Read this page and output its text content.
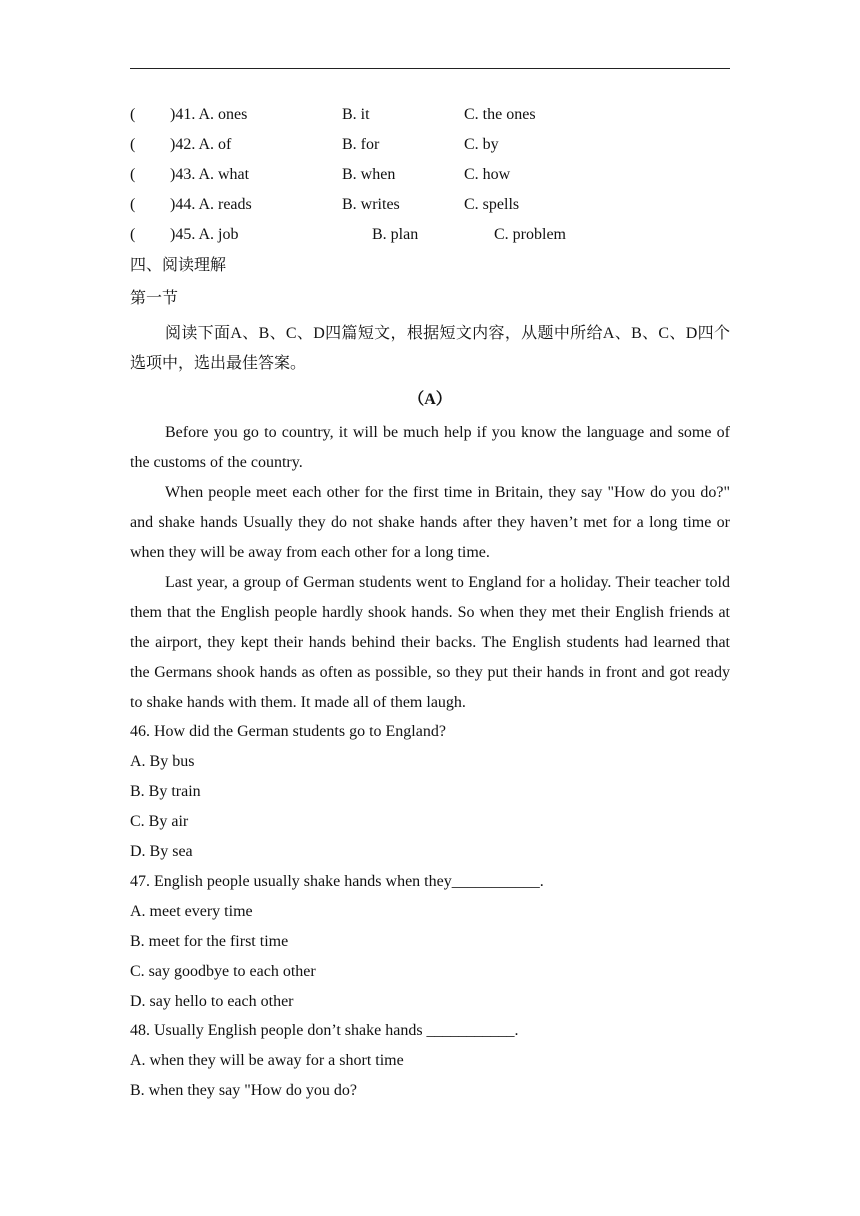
( )41. A. ones	B. it	C. the ones
( )42. A. of	B. for	C. by
( )43. A. what	B. when	C. how
( )44. A. reads	B. writes	C. spells
( )45. A. job	B. plan	C. problem
四、阅读理解
第一节
阅读下面A、B、C、D四篇短文，根据短文内容，从题中所给A、B、C、D四个选项中，选出最佳答案。
（A）
Before you go to country, it will be much help if you know the language and some of the customs of the country.
When people meet each other for the first time in Britain, they say "How do you do?" and shake hands Usually they do not shake hands after they haven’t met for a long time or when they will be away from each other for a long time.
Last year, a group of German students went to England for a holiday. Their teacher told them that the English people hardly shook hands. So when they met their English friends at the airport, they kept their hands behind their backs. The English students had learned that the Germans shook hands as often as possible, so they put their hands in front and got ready to shake hands with them. It made all of them laugh.
46. How did the German students go to England?
A. By bus
B. By train
C. By air
D. By sea
47. English people usually shake hands when they___________.
A. meet every time
B. meet for the first time
C. say goodbye to each other
D. say hello to each other
48. Usually English people don’t shake hands ___________.
A. when they will be away for a short time
B. when they say "How do you do?
